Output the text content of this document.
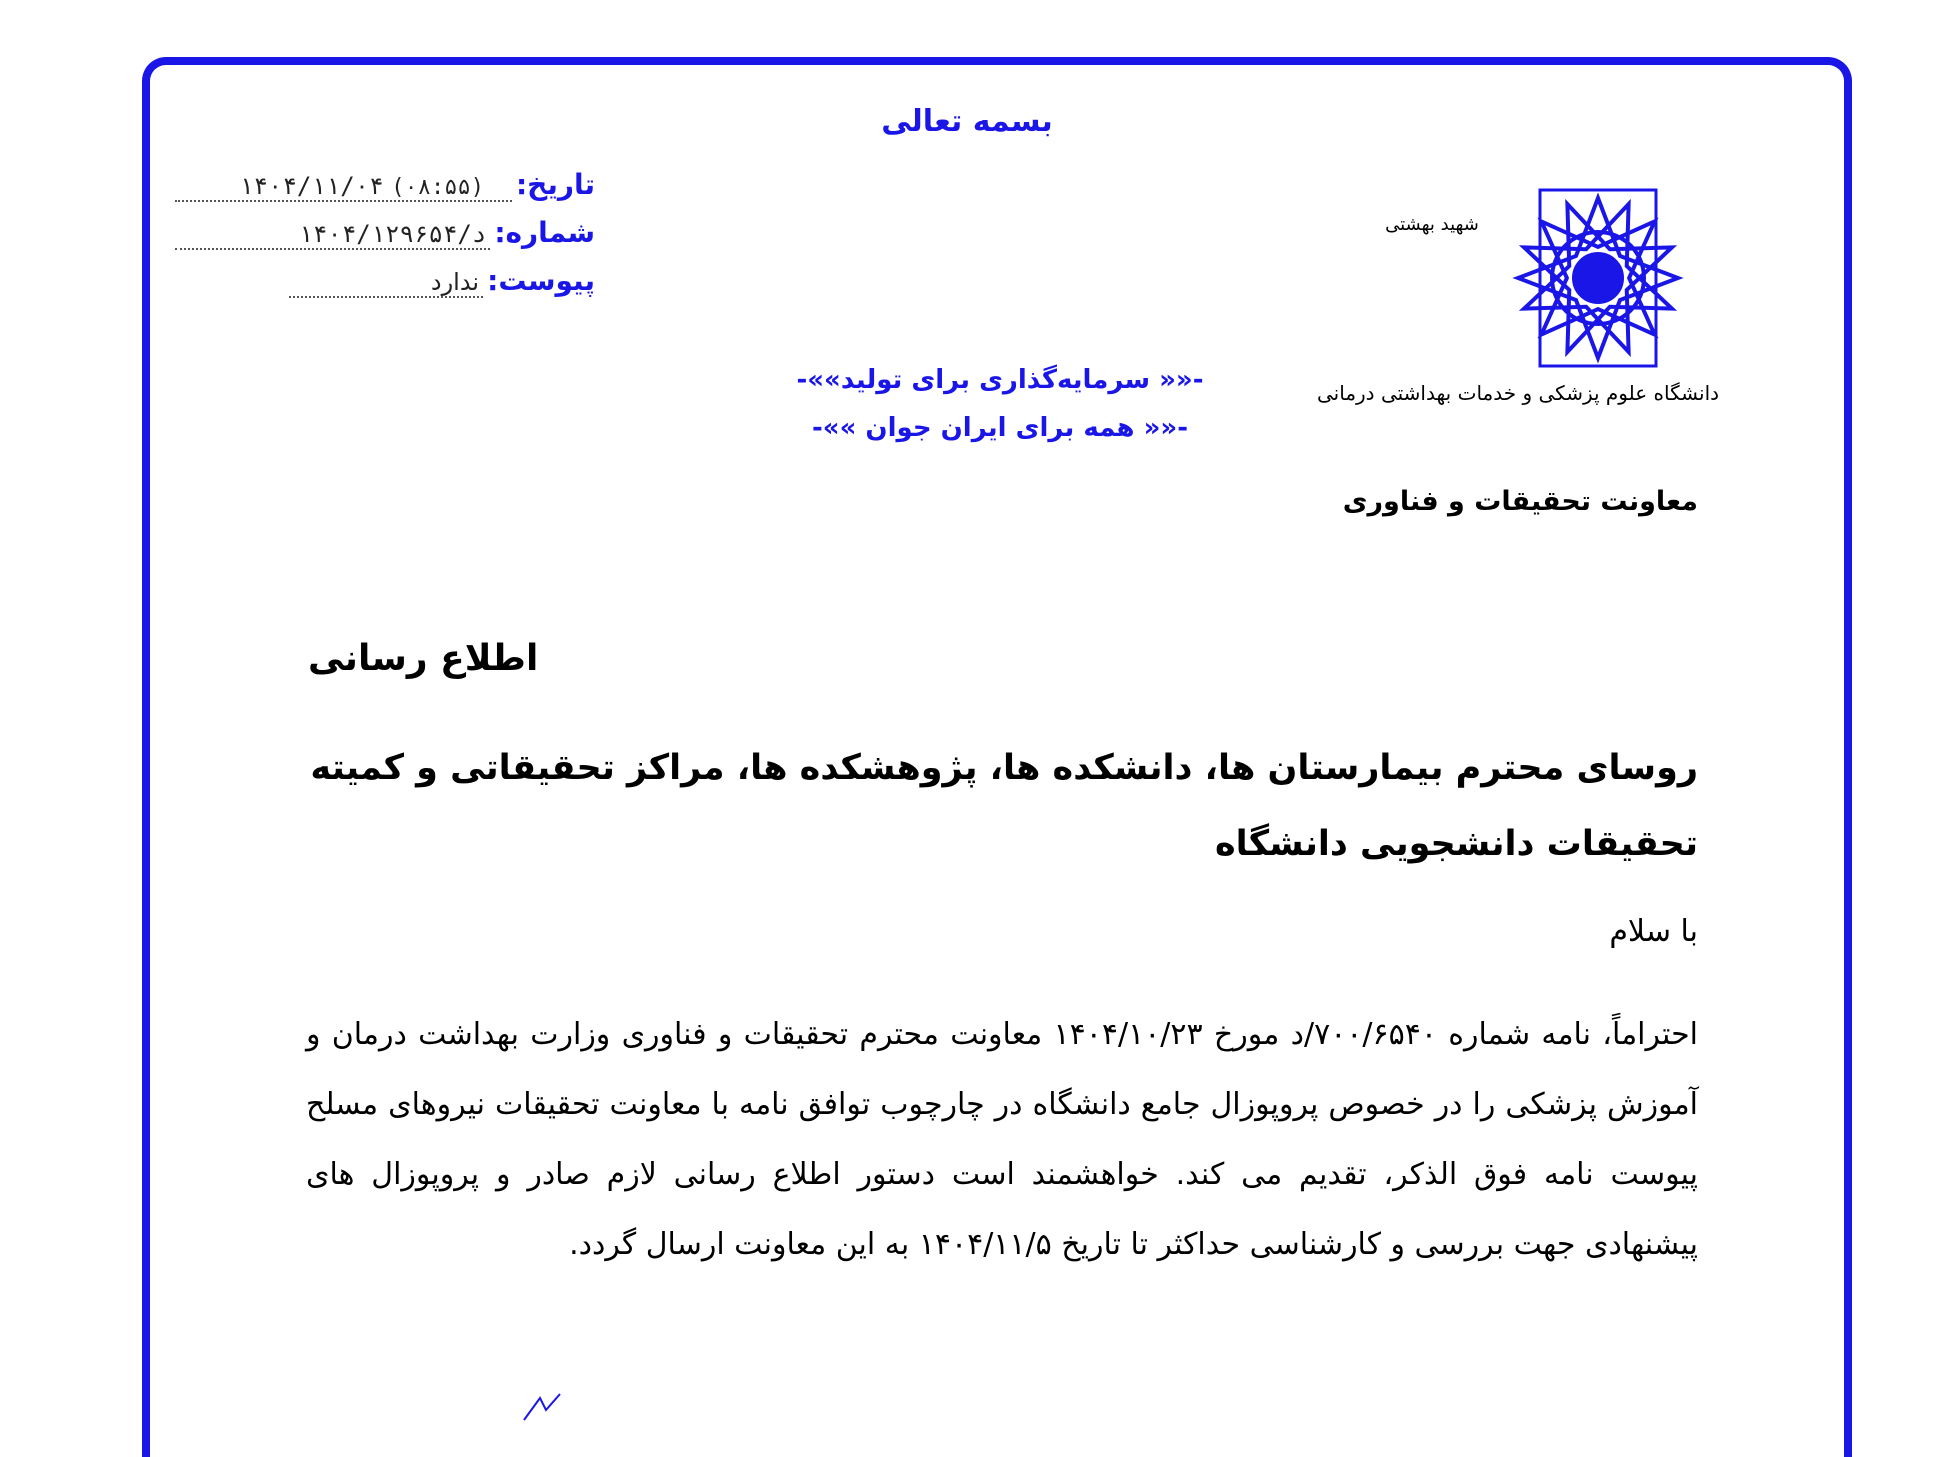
بسمه تعالی
تاریخ:
۱۴۰۴/۱۱/۰۴ (۰۸:۵۵)
شماره:
۱۴۰۴/د/۱۲۹۶۵۴
پیوست:
ندارد
دانشگاه علوم پزشکی و خدمات بهداشتی درمانی
شهید بهشتی
-«« سرمایه‌گذاری برای تولید»»-
-«« همه برای ایران جوان »»-
معاونت تحقیقات و فناوری
اطلاع رسانی
روسای محترم بیمارستان ها، دانشکده ها، پژوهشکده ها، مراکز تحقیقاتی و کمیته تحقیقات دانشجویی دانشگاه
با سلام
احتراماً، نامه شماره ۷۰۰/۶۵۴۰/د مورخ ۱۴۰۴/۱۰/۲۳ معاونت محترم تحقیقات و فناوری وزارت بهداشت درمان و آموزش پزشکی را در خصوص پروپوزال جامع دانشگاه در چارچوب توافق نامه با معاونت تحقیقات نیروهای مسلح پیوست نامه فوق الذکر، تقدیم می کند. خواهشمند است دستور اطلاع رسانی لازم صادر و پروپوزال های پیشنهادی جهت بررسی و کارشناسی حداکثر تا تاریخ ۱۴۰۴/۱۱/۵ به این معاونت ارسال گردد.
